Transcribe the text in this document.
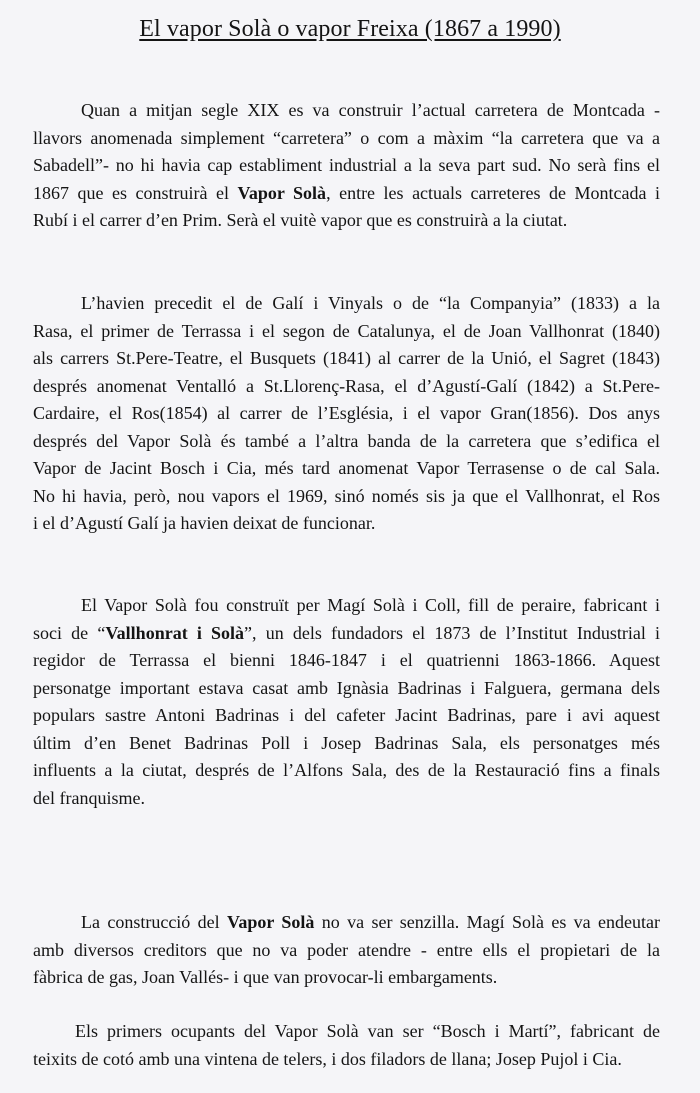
El vapor Solà o vapor Freixa (1867 a 1990)
Quan a mitjan segle XIX es va construir l’actual carretera de Montcada -
llavors anomenada simplement “carretera” o com a màxim “la carretera que va a
Sabadell”- no hi havia cap establiment industrial a la seva part sud. No serà fins el
1867 que es construirà el Vapor Solà, entre les actuals carreteres de Montcada i
Rubí i el carrer d’en Prim. Serà el vuitè vapor que es construirà a la ciutat.
L’havien precedit el de Galí i Vinyals o de “la Companyia” (1833) a la
Rasa, el primer de Terrassa i el segon de Catalunya, el de Joan Vallhonrat (1840)
als carrers St.Pere-Teatre, el Busquets (1841) al carrer de la Unió, el Sagret (1843)
després anomenat Ventalló a St.Llorenç-Rasa, el d’Agustí-Galí (1842) a St.Pere-
Cardaire, el Ros(1854) al carrer de l’Església, i el vapor Gran(1856). Dos anys
després del Vapor Solà és també a l’altra banda de la carretera que s’edifica el
Vapor de Jacint Bosch i Cia, més tard anomenat Vapor Terrasense o de cal Sala.
No hi havia, però, nou vapors el 1969, sinó només sis ja que el Vallhonrat, el Ros
i el d’Agustí Galí ja havien deixat de funcionar.
El Vapor Solà fou construït per Magí Solà i Coll, fill de peraire, fabricant i
soci de “Vallhonrat i Solà”, un dels fundadors el 1873 de l’Institut Industrial i
regidor de Terrassa el bienni 1846-1847 i el quatrienni 1863-1866. Aquest
personatge important estava casat amb Ignàsia Badrinas i Falguera, germana dels
populars sastre Antoni Badrinas i del cafeter Jacint Badrinas, pare i avi aquest
últim d’en Benet Badrinas Poll i Josep Badrinas Sala, els personatges més
influents a la ciutat, després de l’Alfons Sala, des de la Restauració fins a finals
del franquisme.
La construcció del Vapor Solà no va ser senzilla. Magí Solà es va endeutar
amb diversos creditors que no va poder atendre - entre ells el propietari de la
fàbrica de gas, Joan Vallés- i que van provocar-li embargaments.
Els primers ocupants del Vapor Solà van ser “Bosch i Martí”, fabricant de
teixits de cotó amb una vintena de telers, i dos filadors de llana; Josep Pujol i Cia.
